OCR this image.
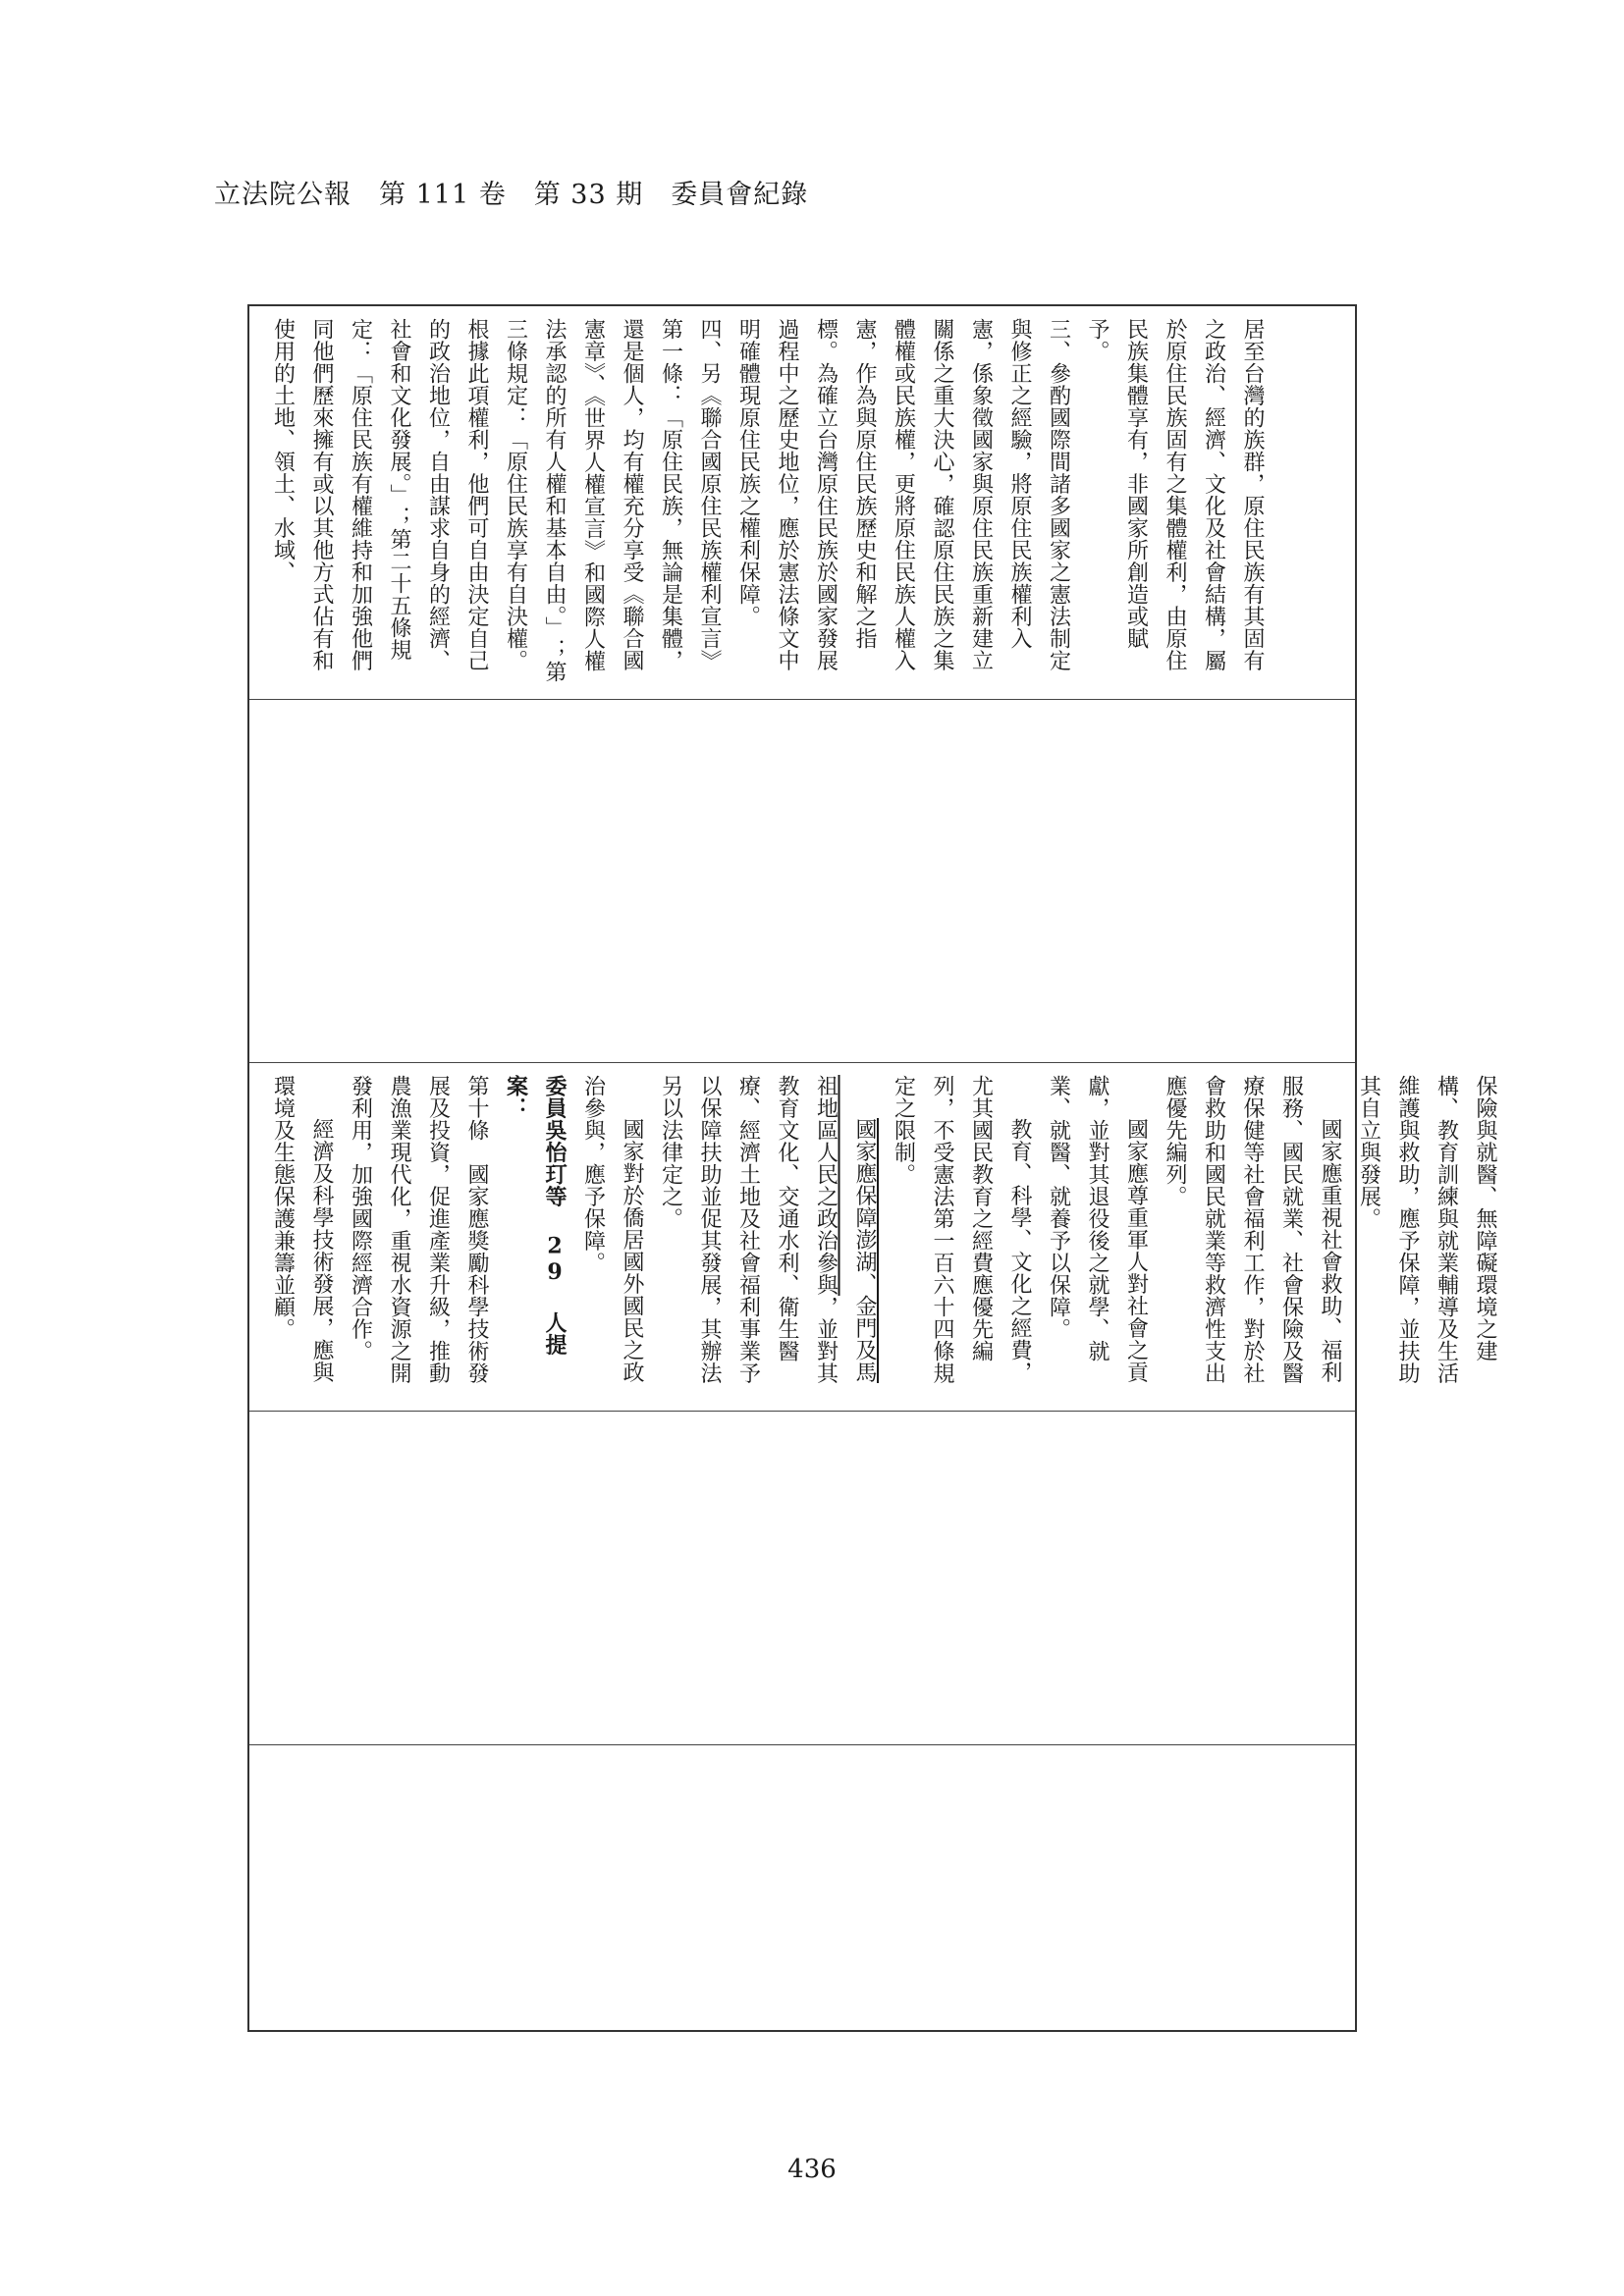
立法院公報　第 111 卷　第 33 期　委員會紀錄

居至台灣的族群，原住民族有其固有之政治、經濟、文化及社會結構，屬於原住民族固有之集體權利，由原住民族集體享有，非國家所創造或賦予。

三、參酌國際間諸多國家之憲法制定與修正之經驗，將原住民族權利入憲，係象徵國家與原住民族重新建立關係之重大決心，確認原住民族之集體權或民族權，更將原住民族人權入憲，作為與原住民族歷史和解之指標。為確立台灣原住民族於國家發展過程中之歷史地位，應於憲法條文中明確體現原住民族之權利保障。

四、另《聯合國原住民族權利宣言》第一條：「原住民族，無論是集體，還是個人，均有權充分享受《聯合國憲章》、《世界人權宣言》和國際人權法承認的所有人權和基本自由。」；第三條規定：「原住民族享有自決權。根據此項權利，他們可自由決定自己的政治地位，自由謀求自身的經濟、社會和文化發展。」；第二十五條規定：「原住民族有權維持和加強他們同他們歷來擁有或以其他方式佔有和使用的土地、領土、水域、

保險與就醫、無障礙環境之建構、教育訓練與就業輔導及生活維護與救助，應予保障，並扶助其自立與發展。

國家應重視社會救助、福利服務、國民就業、社會保險及醫療保健等社會福利工作，對於社會救助和國民就業等救濟性支出應優先編列。

國家應尊重軍人對社會之貢獻，並對其退役後之就學、就業、就醫、就養予以保障。

教育、科學、文化之經費，尤其國民教育之經費應優先編列，不受憲法第一百六十四條規定之限制。

國家應保障澎湖、金門及馬祖地區人民之政治參與，並對其教育文化、交通水利、衛生醫療、經濟土地及社會福利事業予以保障扶助並促其發展，其辦法另以法律定之。

國家對於僑居國外國民之政治參與，應予保障。

委員吳怡玎等 29 人提案：

第十條　國家應獎勵科學技術發展及投資，促進產業升級，推動農漁業現代化，重視水資源之開發利用，加強國際經濟合作。

經濟及科學技術發展，應與環境及生態保護兼籌並顧。

436
